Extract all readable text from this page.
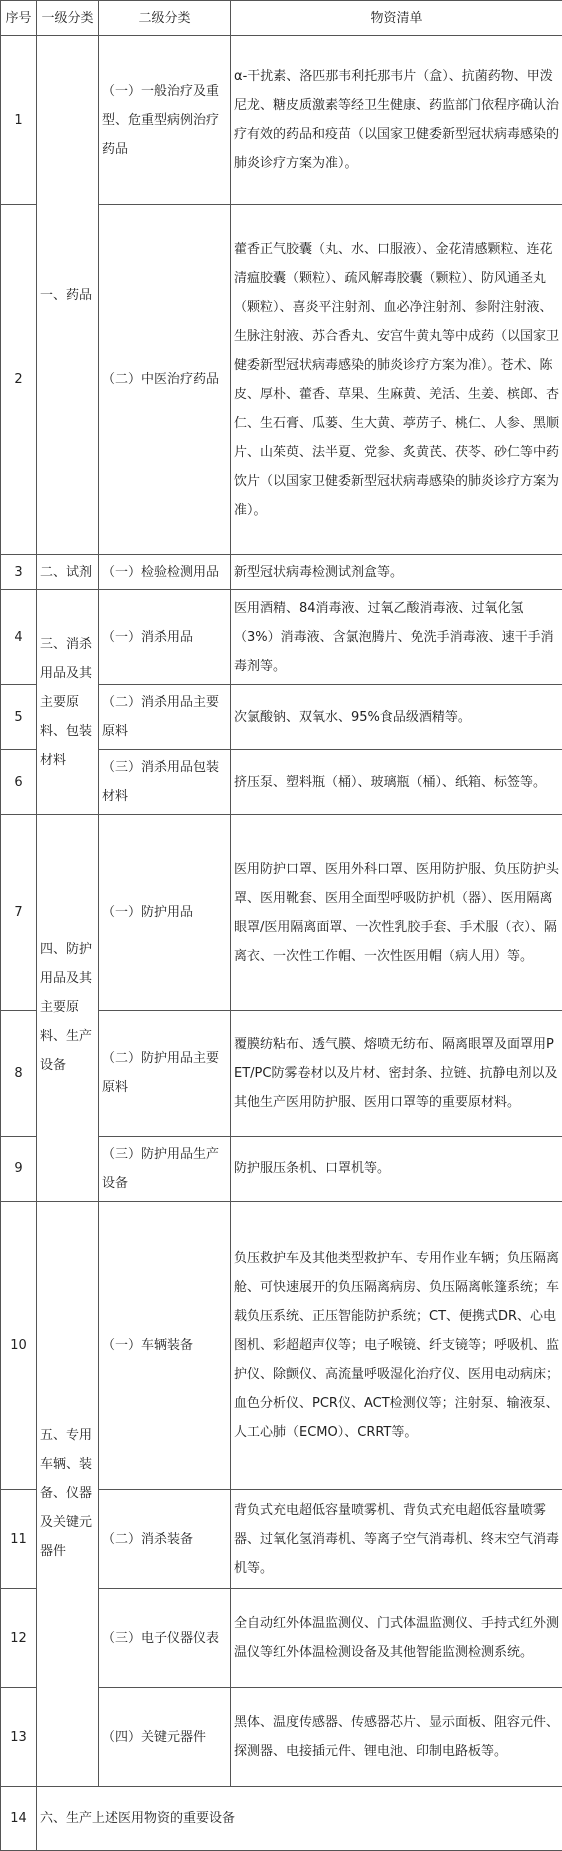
序号	一级分类	二级分类	物资清单
1	一、药品	（一）一般治疗及重型、危重型病例治疗药品	α-干扰素、洛匹那韦利托那韦片（盒）、抗菌药物、甲泼尼龙、糖皮质激素等经卫生健康、药监部门依程序确认治疗有效的药品和疫苗（以国家卫健委新型冠状病毒感染的肺炎诊疗方案为准）。
2		（二）中医治疗药品	藿香正气胶囊（丸、水、口服液）、金花清感颗粒、连花清瘟胶囊（颗粒）、疏风解毒胶囊（颗粒）、防风通圣丸（颗粒）、喜炎平注射剂、血必净注射剂、参附注射液、生脉注射液、苏合香丸、安宫牛黄丸等中成药（以国家卫健委新型冠状病毒感染的肺炎诊疗方案为准）。苍术、陈皮、厚朴、藿香、草果、生麻黄、羌活、生姜、槟郎、杏仁、生石膏、瓜蒌、生大黄、葶苈子、桃仁、人参、黑顺片、山茱萸、法半夏、党参、炙黄芪、茯苓、砂仁等中药饮片（以国家卫健委新型冠状病毒感染的肺炎诊疗方案为准）。
3	二、试剂	（一）检验检测用品	新型冠状病毒检测试剂盒等。
4	三、消杀用品及其主要原料、包装材料	（一）消杀用品	医用酒精、84消毒液、过氧乙酸消毒液、过氧化氢（3%）消毒液、含氯泡腾片、免洗手消毒液、速干手消毒剂等。
5		（二）消杀用品主要原料	次氯酸钠、双氧水、95%食品级酒精等。
6		（三）消杀用品包装材料	挤压泵、塑料瓶（桶）、玻璃瓶（桶）、纸箱、标签等。
7	四、防护用品及其主要原料、生产设备	（一）防护用品	医用防护口罩、医用外科口罩、医用防护服、负压防护头罩、医用靴套、医用全面型呼吸防护机（器）、医用隔离眼罩/医用隔离面罩、一次性乳胶手套、手术服（衣）、隔离衣、一次性工作帽、一次性医用帽（病人用）等。
8		（二）防护用品主要原料	覆膜纺粘布、透气膜、熔喷无纺布、隔离眼罩及面罩用PET/PC防雾卷材以及片材、密封条、拉链、抗静电剂以及其他生产医用防护服、医用口罩等的重要原材料。
9		（三）防护用品生产设备	防护服压条机、口罩机等。
10	五、专用车辆、装备、仪器及关键元器件	（一）车辆装备	负压救护车及其他类型救护车、专用作业车辆；负压隔离舱、可快速展开的负压隔离病房、负压隔离帐篷系统；车载负压系统、正压智能防护系统；CT、便携式DR、心电图机、彩超超声仪等；电子喉镜、纤支镜等；呼吸机、监护仪、除颤仪、高流量呼吸湿化治疗仪、医用电动病床；血色分析仪、PCR仪、ACT检测仪等；注射泵、输液泵、人工心肺（ECMO）、CRRT等。
11		（二）消杀装备	背负式充电超低容量喷雾机、背负式充电超低容量喷雾器、过氧化氢消毒机、等离子空气消毒机、终末空气消毒机等。
12		（三）电子仪器仪表	全自动红外体温监测仪、门式体温监测仪、手持式红外测温仪等红外体温检测设备及其他智能监测检测系统。
13		（四）关键元器件	黑体、温度传感器、传感器芯片、显示面板、阻容元件、探测器、电接插元件、锂电池、印制电路板等。
14	六、生产上述医用物资的重要设备		
